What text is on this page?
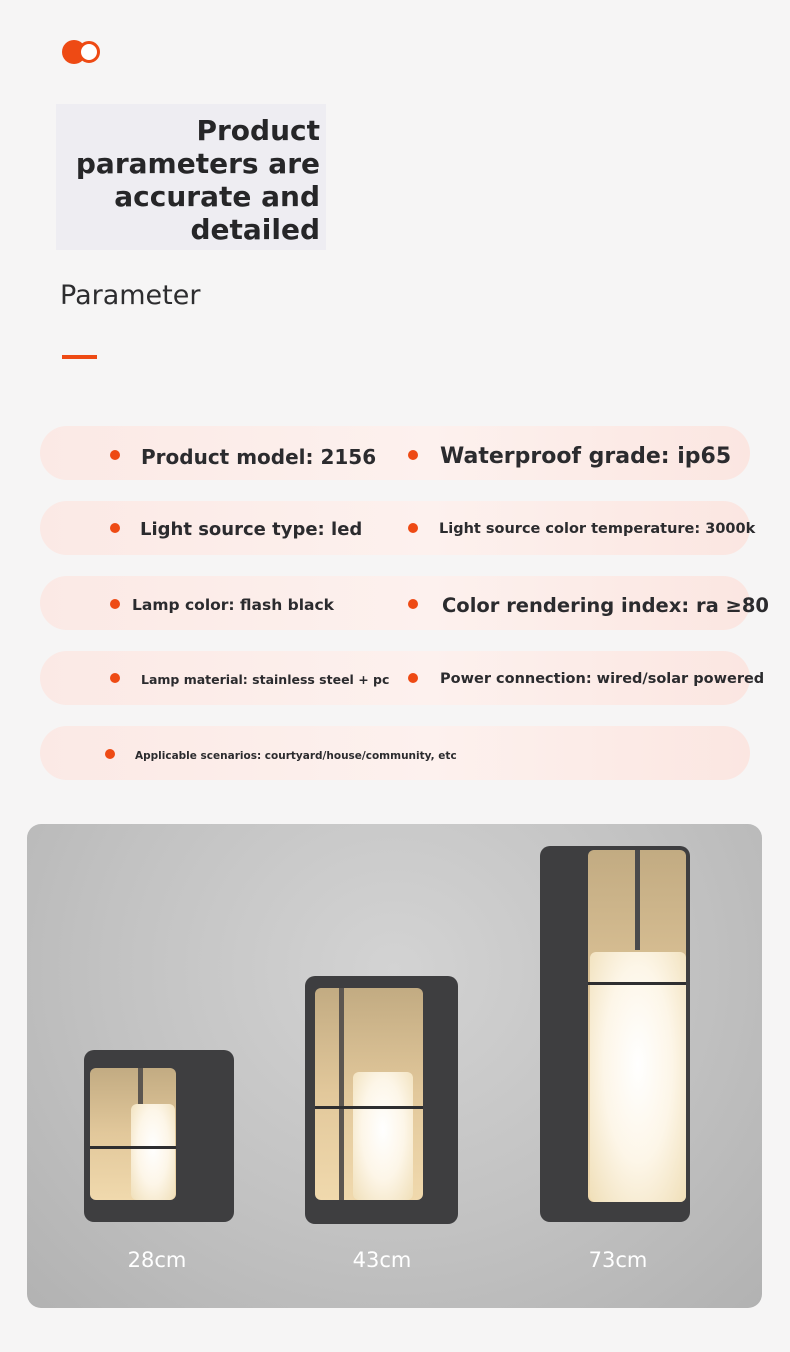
Product
parameters are
accurate and
detailed
Parameter
Product model: 2156	Waterproof grade: ip65
Light source type: led	Light source color temperature: 3000k
Lamp color: flash black	Color rendering index: ra ≥80
Lamp material: stainless steel + pc	Power connection: wired/solar powered
Applicable scenarios: courtyard/house/community, etc
28cm	43cm	73cm
